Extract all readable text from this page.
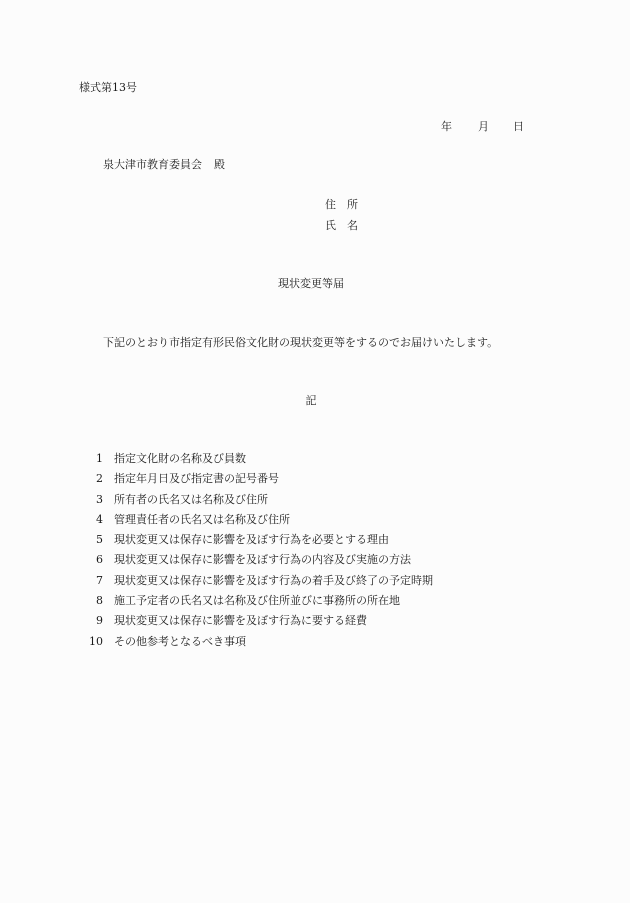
様式第13号
年 月 日
泉大津市教育委員会 殿
住 所
氏 名
現状変更等届
下記のとおり市指定有形民俗文化財の現状変更等をするのでお届けいたします。
記
1 指定文化財の名称及び員数
2 指定年月日及び指定書の記号番号
3 所有者の氏名又は名称及び住所
4 管理責任者の氏名又は名称及び住所
5 現状変更又は保存に影響を及ぼす行為を必要とする理由
6 現状変更又は保存に影響を及ぼす行為の内容及び実施の方法
7 現状変更又は保存に影響を及ぼす行為の着手及び終了の予定時期
8 施工予定者の氏名又は名称及び住所並びに事務所の所在地
9 現状変更又は保存に影響を及ぼす行為に要する経費
10 その他参考となるべき事項
